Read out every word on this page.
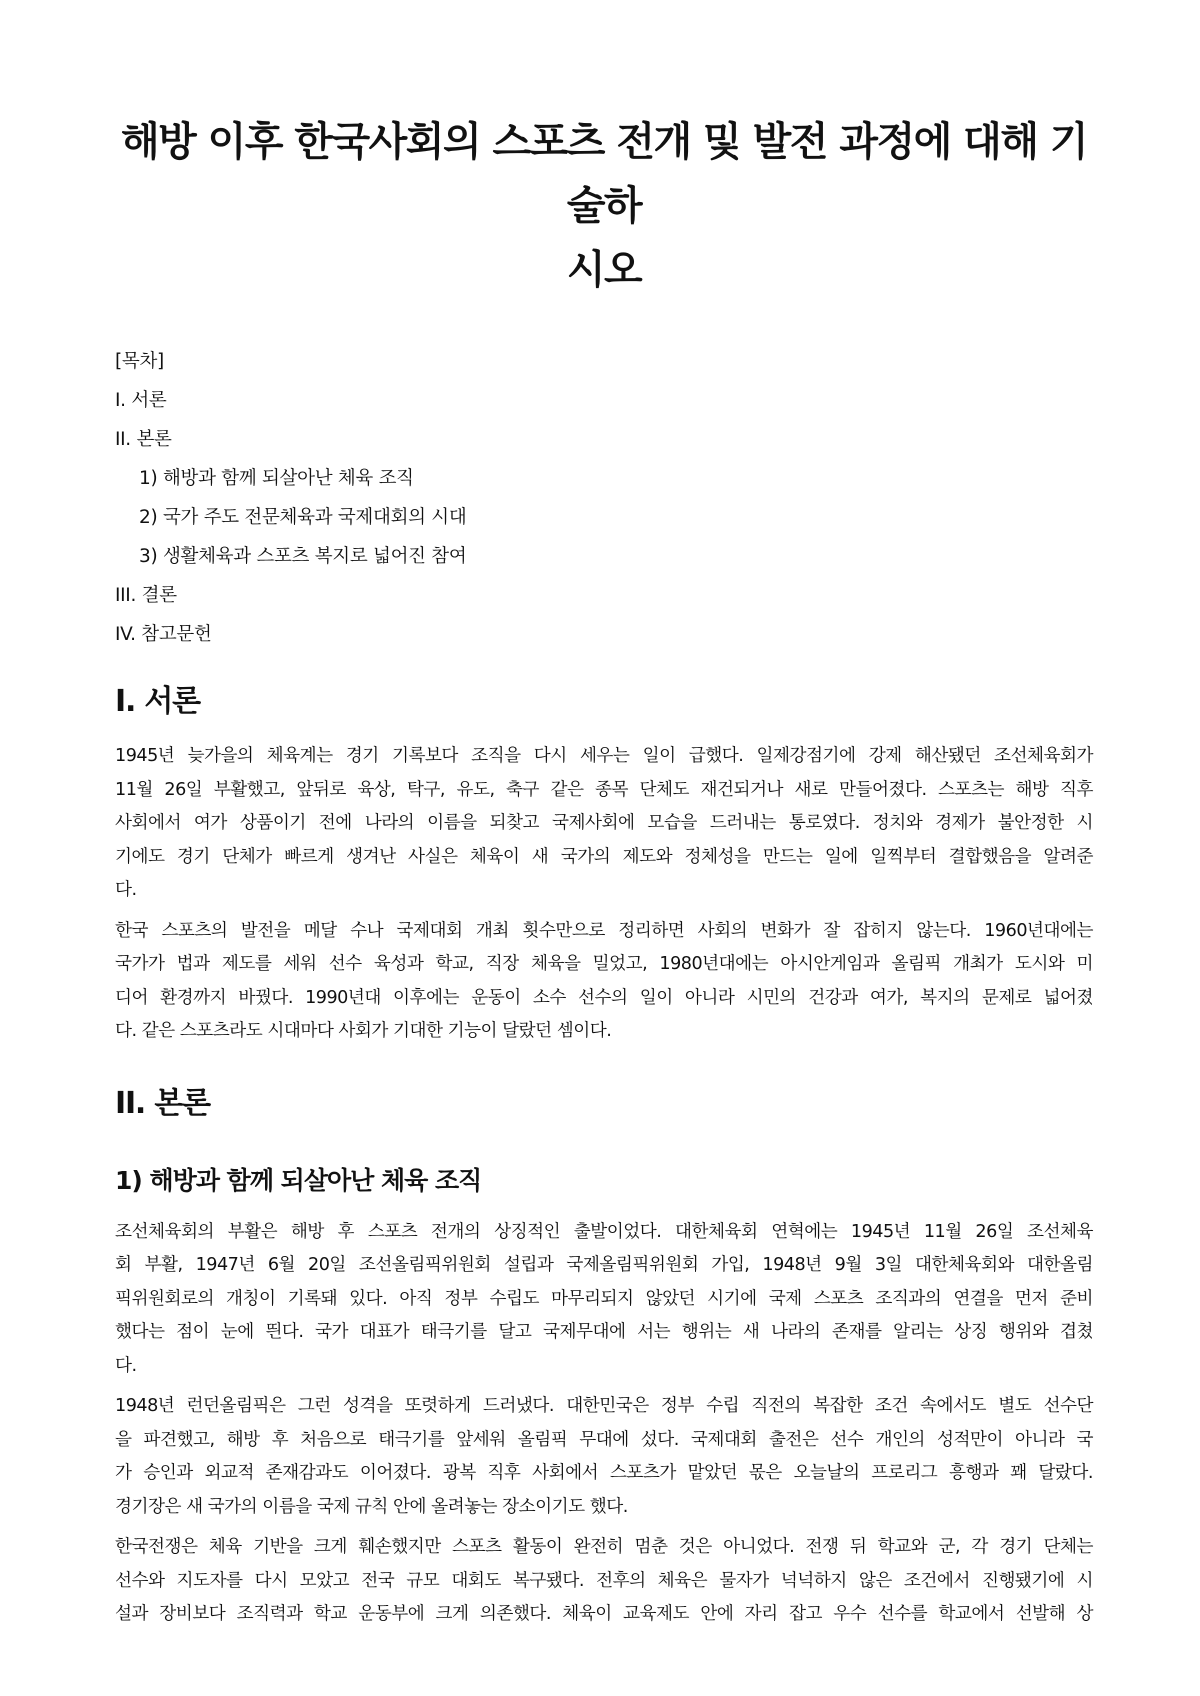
해방 이후 한국사회의 스포츠 전개 및 발전 과정에 대해 기술하
시오
[목차]
I. 서론
II. 본론
1) 해방과 함께 되살아난 체육 조직
2) 국가 주도 전문체육과 국제대회의 시대
3) 생활체육과 스포츠 복지로 넓어진 참여
III. 결론
IV. 참고문헌
I. 서론

1945년 늦가을의 체육계는 경기 기록보다 조직을 다시 세우는 일이 급했다. 일제강점기에 강제 해산됐던 조선체육회가
11월 26일 부활했고, 앞뒤로 육상, 탁구, 유도, 축구 같은 종목 단체도 재건되거나 새로 만들어졌다. 스포츠는 해방 직후
사회에서 여가 상품이기 전에 나라의 이름을 되찾고 국제사회에 모습을 드러내는 통로였다. 정치와 경제가 불안정한 시
기에도 경기 단체가 빠르게 생겨난 사실은 체육이 새 국가의 제도와 정체성을 만드는 일에 일찍부터 결합했음을 알려준
다.

한국 스포츠의 발전을 메달 수나 국제대회 개최 횟수만으로 정리하면 사회의 변화가 잘 잡히지 않는다. 1960년대에는
국가가 법과 제도를 세워 선수 육성과 학교, 직장 체육을 밀었고, 1980년대에는 아시안게임과 올림픽 개최가 도시와 미
디어 환경까지 바꿨다. 1990년대 이후에는 운동이 소수 선수의 일이 아니라 시민의 건강과 여가, 복지의 문제로 넓어졌
다. 같은 스포츠라도 시대마다 사회가 기대한 기능이 달랐던 셈이다.

II. 본론
1) 해방과 함께 되살아난 체육 조직

조선체육회의 부활은 해방 후 스포츠 전개의 상징적인 출발이었다. 대한체육회 연혁에는 1945년 11월 26일 조선체육
회 부활, 1947년 6월 20일 조선올림픽위원회 설립과 국제올림픽위원회 가입, 1948년 9월 3일 대한체육회와 대한올림
픽위원회로의 개칭이 기록돼 있다. 아직 정부 수립도 마무리되지 않았던 시기에 국제 스포츠 조직과의 연결을 먼저 준비
했다는 점이 눈에 띈다. 국가 대표가 태극기를 달고 국제무대에 서는 행위는 새 나라의 존재를 알리는 상징 행위와 겹쳤
다.

1948년 런던올림픽은 그런 성격을 또렷하게 드러냈다. 대한민국은 정부 수립 직전의 복잡한 조건 속에서도 별도 선수단
을 파견했고, 해방 후 처음으로 태극기를 앞세워 올림픽 무대에 섰다. 국제대회 출전은 선수 개인의 성적만이 아니라 국
가 승인과 외교적 존재감과도 이어졌다. 광복 직후 사회에서 스포츠가 맡았던 몫은 오늘날의 프로리그 흥행과 꽤 달랐다.
경기장은 새 국가의 이름을 국제 규칙 안에 올려놓는 장소이기도 했다.

한국전쟁은 체육 기반을 크게 훼손했지만 스포츠 활동이 완전히 멈춘 것은 아니었다. 전쟁 뒤 학교와 군, 각 경기 단체는
선수와 지도자를 다시 모았고 전국 규모 대회도 복구됐다. 전후의 체육은 물자가 넉넉하지 않은 조건에서 진행됐기에 시
설과 장비보다 조직력과 학교 운동부에 크게 의존했다. 체육이 교육제도 안에 자리 잡고 우수 선수를 학교에서 선발해 상
